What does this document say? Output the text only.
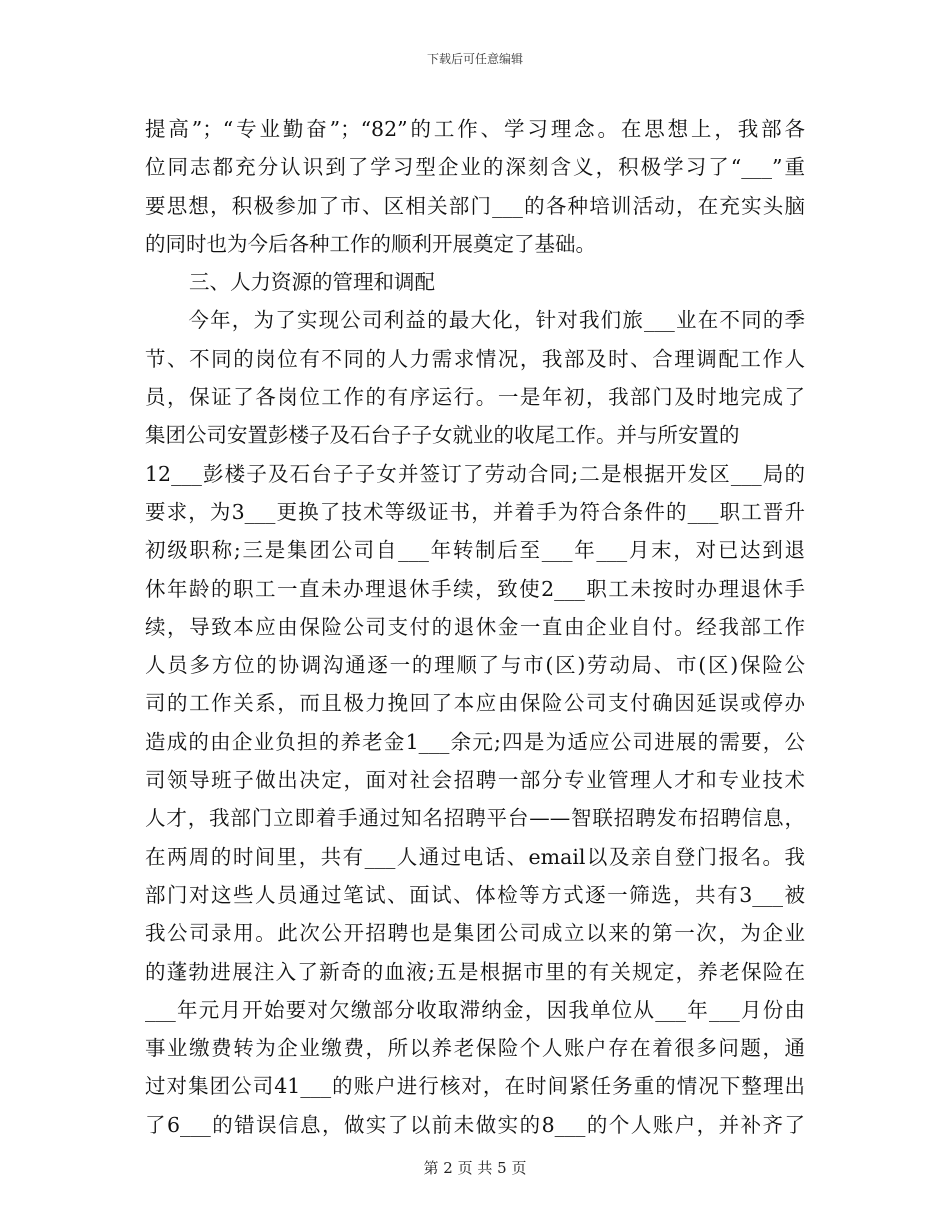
下载后可任意编辑
提高”；“专业勤奋”；“82”的工作、学习理念。在思想上，我部各
位同志都充分认识到了学习型企业的深刻含义，积极学习了“___”重
要思想，积极参加了市、区相关部门___的各种培训活动，在充实头脑
的同时也为今后各种工作的顺利开展奠定了基础。
三、人力资源的管理和调配
　　今年，为了实现公司利益的最大化，针对我们旅___业在不同的季
节、不同的岗位有不同的人力需求情况，我部及时、合理调配工作人
员，保证了各岗位工作的有序运行。一是年初，我部门及时地完成了
集团公司安置彭楼子及石台子子女就业的收尾工作。并与所安置的
12___彭楼子及石台子子女并签订了劳动合同;二是根据开发区___局的
要求，为3___更换了技术等级证书，并着手为符合条件的___职工晋升
初级职称;三是集团公司自___年转制后至___年___月末，对已达到退
休年龄的职工一直未办理退休手续，致使2___职工未按时办理退休手
续，导致本应由保险公司支付的退休金一直由企业自付。经我部工作
人员多方位的协调沟通逐一的理顺了与市(区)劳动局、市(区)保险公
司的工作关系，而且极力挽回了本应由保险公司支付确因延误或停办
造成的由企业负担的养老金1___余元;四是为适应公司进展的需要，公
司领导班子做出决定，面对社会招聘一部分专业管理人才和专业技术
人才，我部门立即着手通过知名招聘平台——智联招聘发布招聘信息，
在两周的时间里，共有___人通过电话、email以及亲自登门报名。我
部门对这些人员通过笔试、面试、体检等方式逐一筛选，共有3___被
我公司录用。此次公开招聘也是集团公司成立以来的第一次，为企业
的蓬勃进展注入了新奇的血液;五是根据市里的有关规定，养老保险在
___年元月开始要对欠缴部分收取滞纳金，因我单位从___年___月份由
事业缴费转为企业缴费，所以养老保险个人账户存在着很多问题，通
过对集团公司41___的账户进行核对，在时间紧任务重的情况下整理出
了6___的错误信息，做实了以前未做实的8___的个人账户，并补齐了
第 2 页 共 5 页
